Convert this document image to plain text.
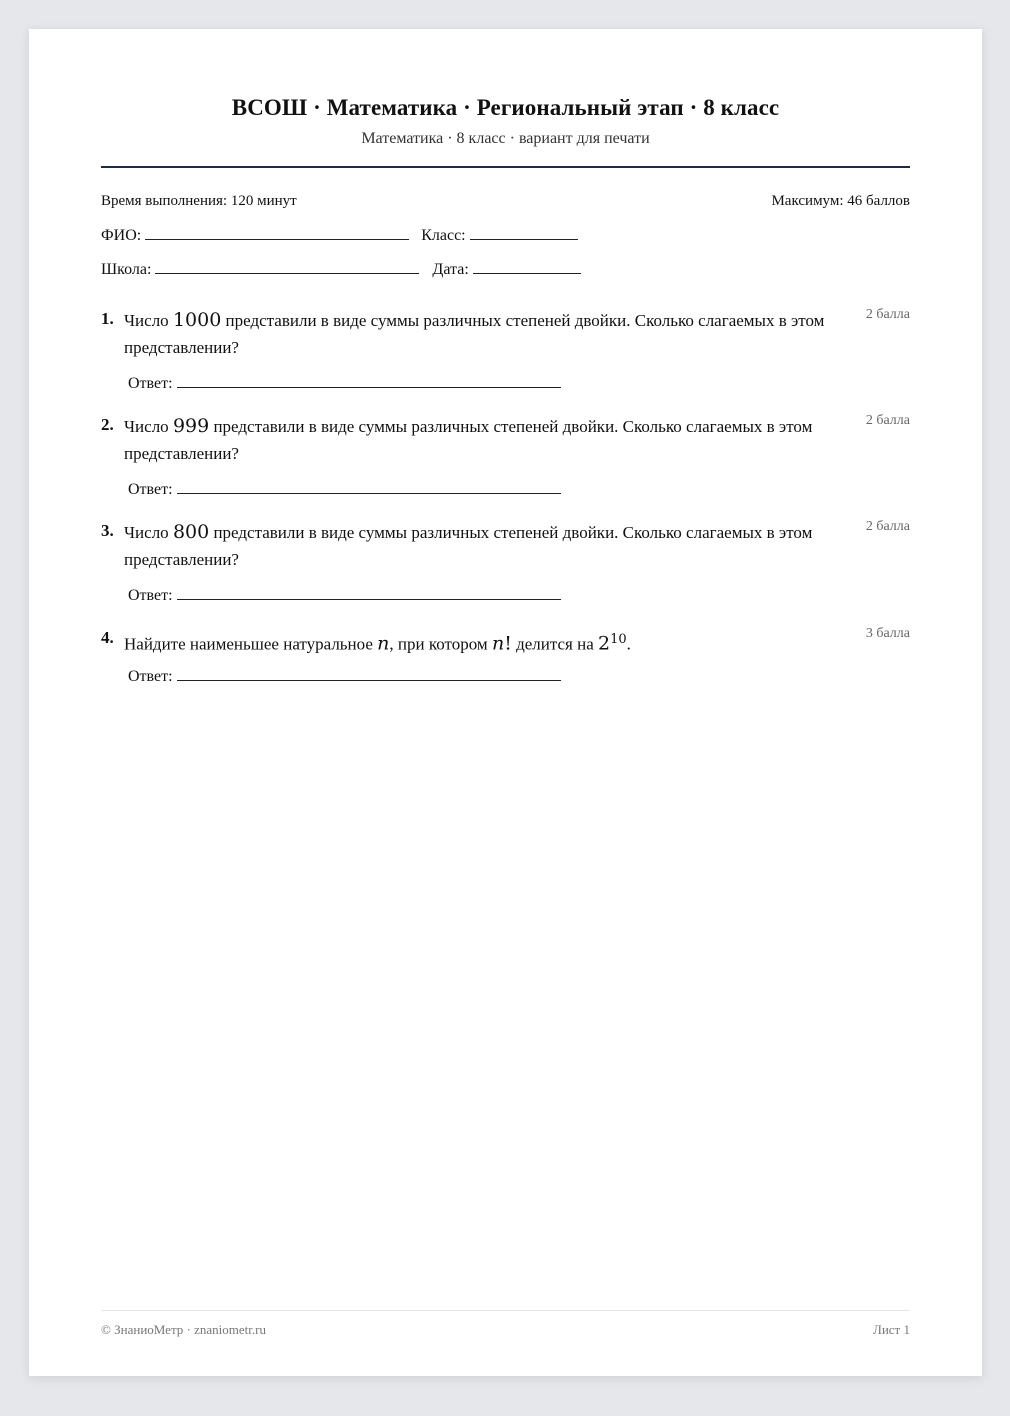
ВСОШ · Математика · Региональный этап · 8 класс
Математика · 8 класс · вариант для печати
Время выполнения: 120 минут	Максимум: 46 баллов
ФИО:	Класс:
Школа:	Дата:
1. Число 1000 представили в виде суммы различных степеней двойки. Сколько слагаемых в этом представлении?
2 балла
Ответ:
2. Число 999 представили в виде суммы различных степеней двойки. Сколько слагаемых в этом представлении?
2 балла
Ответ:
3. Число 800 представили в виде суммы различных степеней двойки. Сколько слагаемых в этом представлении?
2 балла
Ответ:
4. Найдите наименьшее натуральное n, при котором n! делится на $2^{10}$.
3 балла
Ответ:
© ЗнаниоМетр · znaniometr.ru	Лист 1
